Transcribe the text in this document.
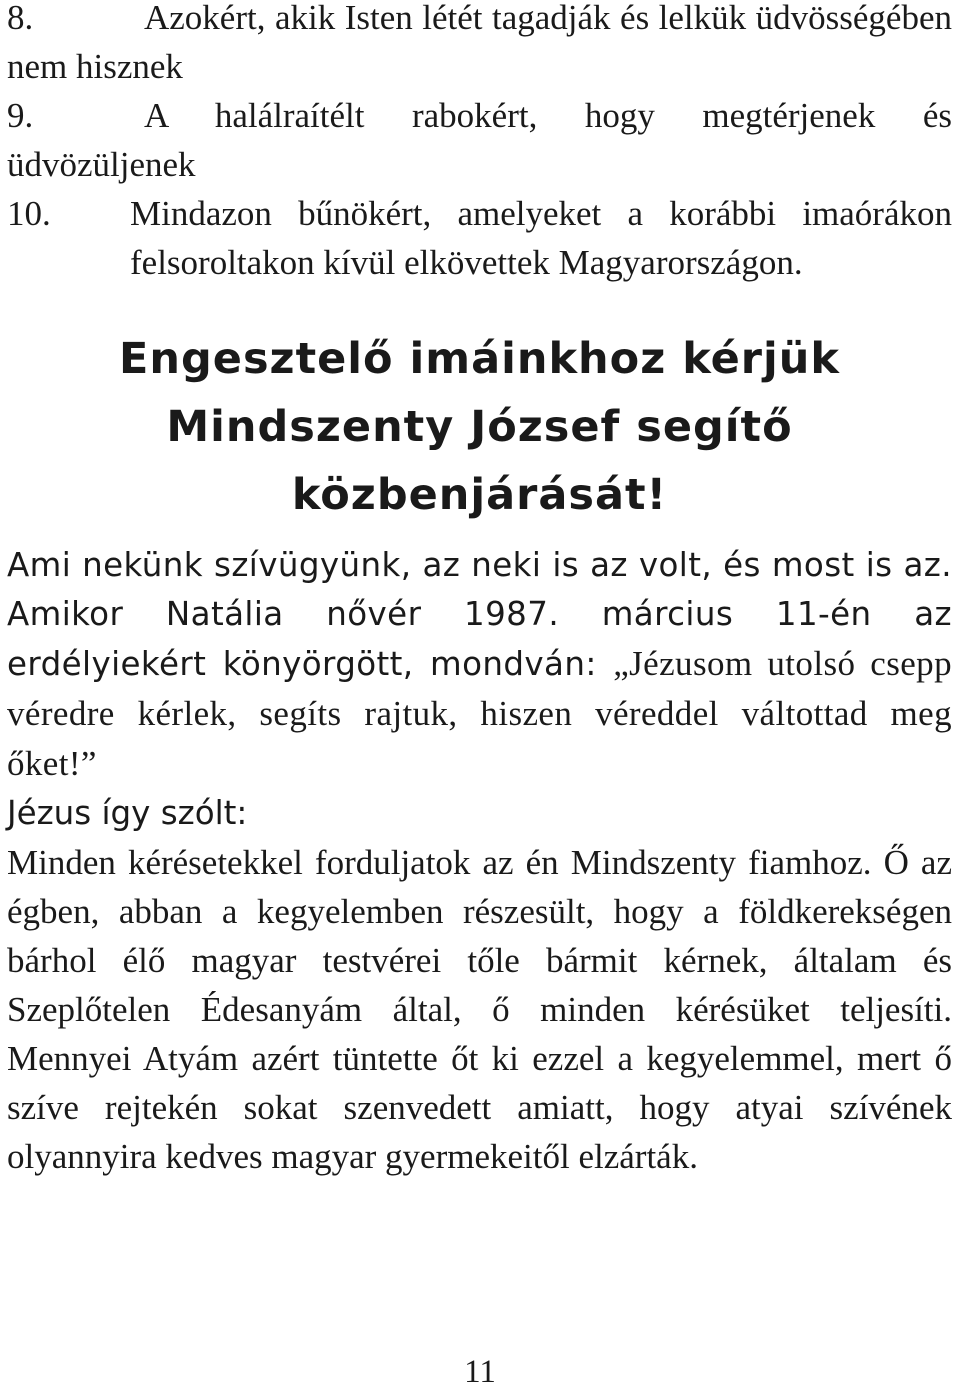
8.	Azokért, akik Isten létét tagadják és lelkük üdvösségében nem hisznek
9.	A halálraítélt rabokért, hogy megtérjenek és üdvözüljenek
10.	Mindazon bűnökért, amelyeket a korábbi imaórákon felsoroltakon kívül elkövettek Magyarországon.
Engesztelő imáinkhoz kérjük Mindszenty József segítő közbenjárását!

Ami nekünk szívügyünk, az neki is az volt, és most is az. Amikor Natália nővér 1987. március 11-én az erdélyiekért könyörgött, mondván: „Jézusom utolsó csepp véredre kérlek, segíts rajtuk, hiszen véreddel váltottad meg őket!”

Jézus így szólt:

Minden kérésetekkel forduljatok az én Mindszenty fiamhoz. Ő az égben, abban a kegyelemben részesült, hogy a földkerekségen bárhol élő magyar testvérei tőle bármit kérnek, általam és Szeplőtelen Édesanyám által, ő minden kérésüket teljesíti. Mennyei Atyám azért tüntette őt ki ezzel a kegyelemmel, mert ő szíve rejtekén sokat szenvedett amiatt, hogy atyai szívének olyannyira kedves magyar gyermekeitől elzárták.

11
